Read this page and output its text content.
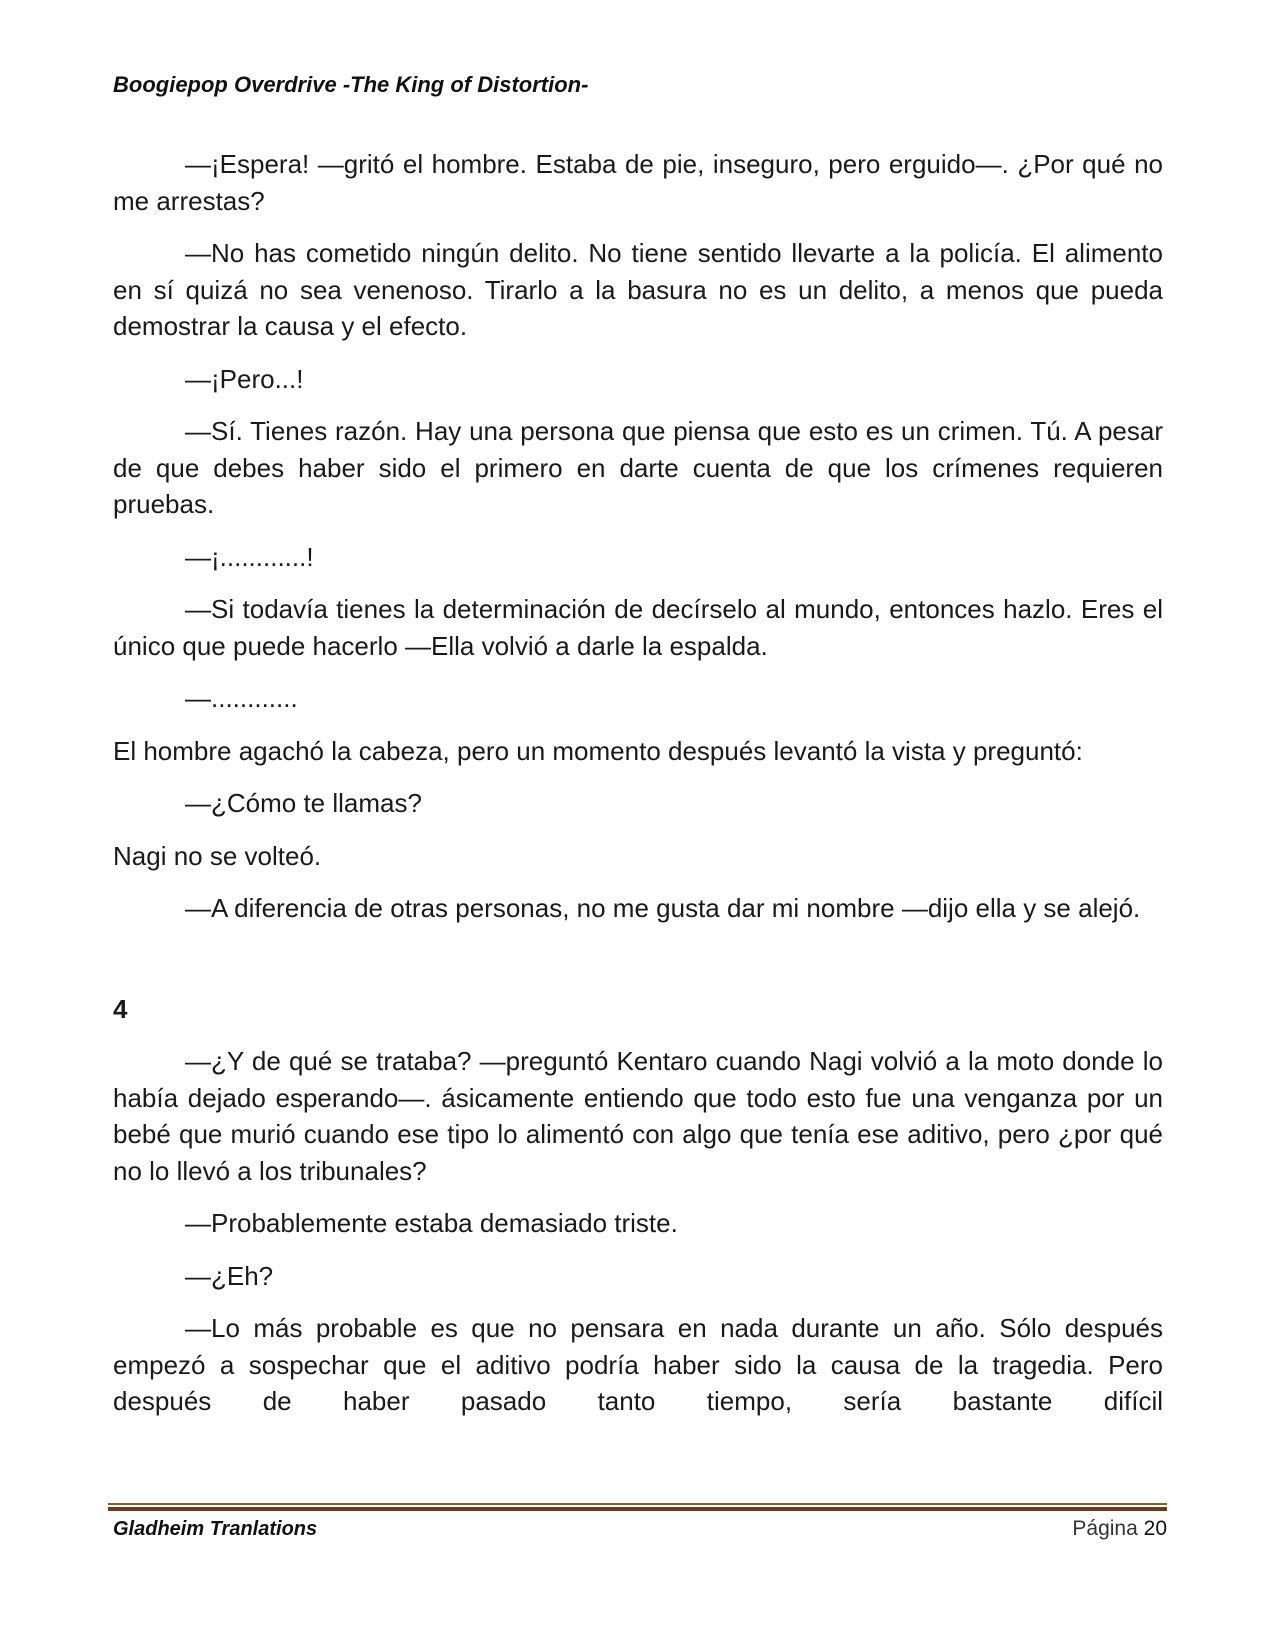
Boogiepop Overdrive -The King of Distortion-

—¡Espera! —gritó el hombre. Estaba de pie, inseguro, pero erguido—. ¿Por qué no me arrestas?

—No has cometido ningún delito. No tiene sentido llevarte a la policía. El alimento en sí quizá no sea venenoso. Tirarlo a la basura no es un delito, a menos que pueda demostrar la causa y el efecto.

—¡Pero...!

—Sí. Tienes razón. Hay una persona que piensa que esto es un crimen. Tú. A pesar de que debes haber sido el primero en darte cuenta de que los crímenes requieren pruebas.

—¡............!

—Si todavía tienes la determinación de decírselo al mundo, entonces hazlo. Eres el único que puede hacerlo —Ella volvió a darle la espalda.

—............

El hombre agachó la cabeza, pero un momento después levantó la vista y preguntó:

—¿Cómo te llamas?

Nagi no se volteó.

—A diferencia de otras personas, no me gusta dar mi nombre —dijo ella y se alejó.

4

—¿Y de qué se trataba? —preguntó Kentaro cuando Nagi volvió a la moto donde lo había dejado esperando—. ásicamente entiendo que todo esto fue una venganza por un bebé que murió cuando ese tipo lo alimentó con algo que tenía ese aditivo, pero ¿por qué no lo llevó a los tribunales?

—Probablemente estaba demasiado triste.

—¿Eh?

—Lo más probable es que no pensara en nada durante un año. Sólo después empezó a sospechar que el aditivo podría haber sido la causa de la tragedia. Pero después de haber pasado tanto tiempo, sería bastante difícil

Gladheim Tranlations	Página 20
